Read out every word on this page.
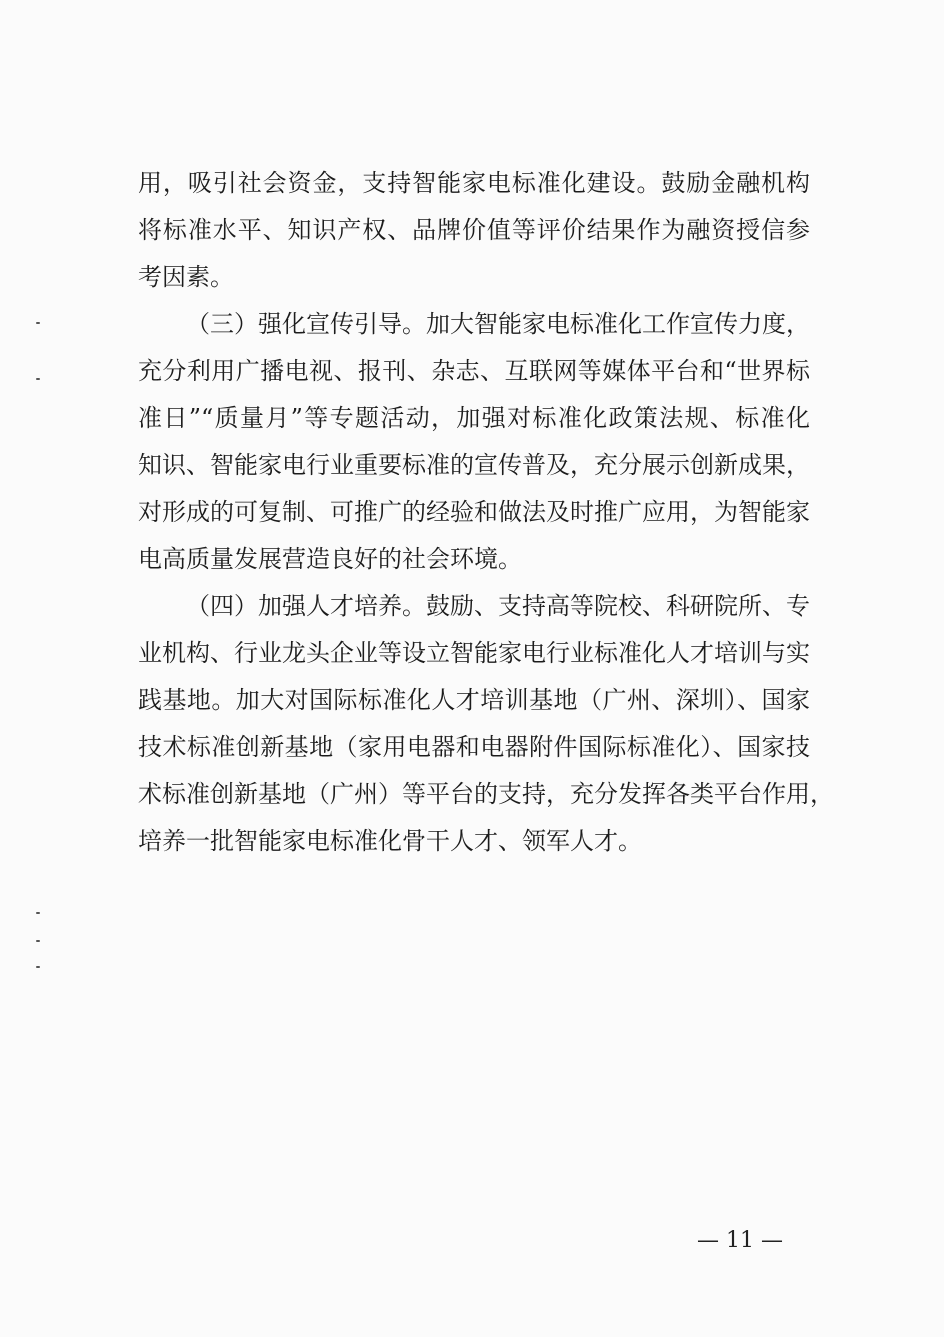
用，吸引社会资金，支持智能家电标准化建设。鼓励金融机构
将标准水平、知识产权、品牌价值等评价结果作为融资授信参
考因素。
（三）强化宣传引导。加大智能家电标准化工作宣传力度，
充分利用广播电视、报刊、杂志、互联网等媒体平台和“世界标
准日”“质量月”等专题活动，加强对标准化政策法规、标准化
知识、智能家电行业重要标准的宣传普及，充分展示创新成果，
对形成的可复制、可推广的经验和做法及时推广应用，为智能家
电高质量发展营造良好的社会环境。
（四）加强人才培养。鼓励、支持高等院校、科研院所、专
业机构、行业龙头企业等设立智能家电行业标准化人才培训与实
践基地。加大对国际标准化人才培训基地（广州、深圳）、国家
技术标准创新基地（家用电器和电器附件国际标准化）、国家技
术标准创新基地（广州）等平台的支持，充分发挥各类平台作用，
培养一批智能家电标准化骨干人才、领军人才。
— 11 —
